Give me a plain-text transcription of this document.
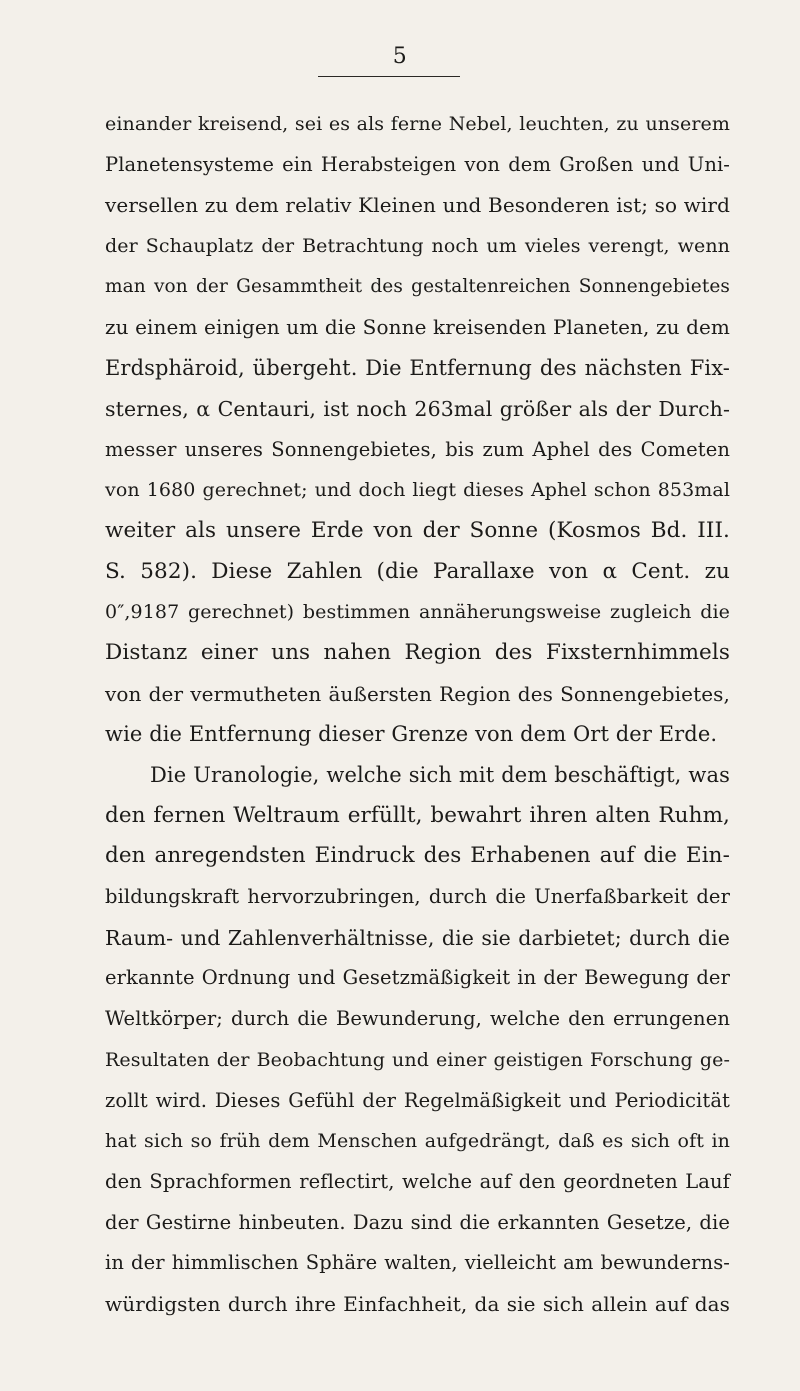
5
einander kreisend, sei es als ferne Nebel, leuchten, zu unserem
Planetensysteme ein Herabsteigen von dem Großen und Uni-
versellen zu dem relativ Kleinen und Besonderen ist; so wird
der Schauplatz der Betrachtung noch um vieles verengt, wenn
man von der Gesammtheit des gestaltenreichen Sonnengebietes
zu einem einigen um die Sonne kreisenden Planeten, zu dem
Erdsphäroid, übergeht. Die Entfernung des nächsten Fix-
sternes, α Centauri, ist noch 263mal größer als der Durch-
messer unseres Sonnengebietes, bis zum Aphel des Cometen
von 1680 gerechnet; und doch liegt dieses Aphel schon 853mal
weiter als unsere Erde von der Sonne (Kosmos Bd. III.
S. 582). Diese Zahlen (die Parallaxe von α Cent. zu
0″,9187 gerechnet) bestimmen annäherungsweise zugleich die
Distanz einer uns nahen Region des Fixsternhimmels
von der vermutheten äußersten Region des Sonnengebietes,
wie die Entfernung dieser Grenze von dem Ort der Erde.
Die Uranologie, welche sich mit dem beschäftigt, was
den fernen Weltraum erfüllt, bewahrt ihren alten Ruhm,
den anregendsten Eindruck des Erhabenen auf die Ein-
bildungskraft hervorzubringen, durch die Unerfaßbarkeit der
Raum- und Zahlenverhältnisse, die sie darbietet; durch die
erkannte Ordnung und Gesetzmäßigkeit in der Bewegung der
Weltkörper; durch die Bewunderung, welche den errungenen
Resultaten der Beobachtung und einer geistigen Forschung ge-
zollt wird. Dieses Gefühl der Regelmäßigkeit und Periodicität
hat sich so früh dem Menschen aufgedrängt, daß es sich oft in
den Sprachformen reflectirt, welche auf den geordneten Lauf
der Gestirne hinbeuten. Dazu sind die erkannten Gesetze, die
in der himmlischen Sphäre walten, vielleicht am bewunderns-
würdigsten durch ihre Einfachheit, da sie sich allein auf das
